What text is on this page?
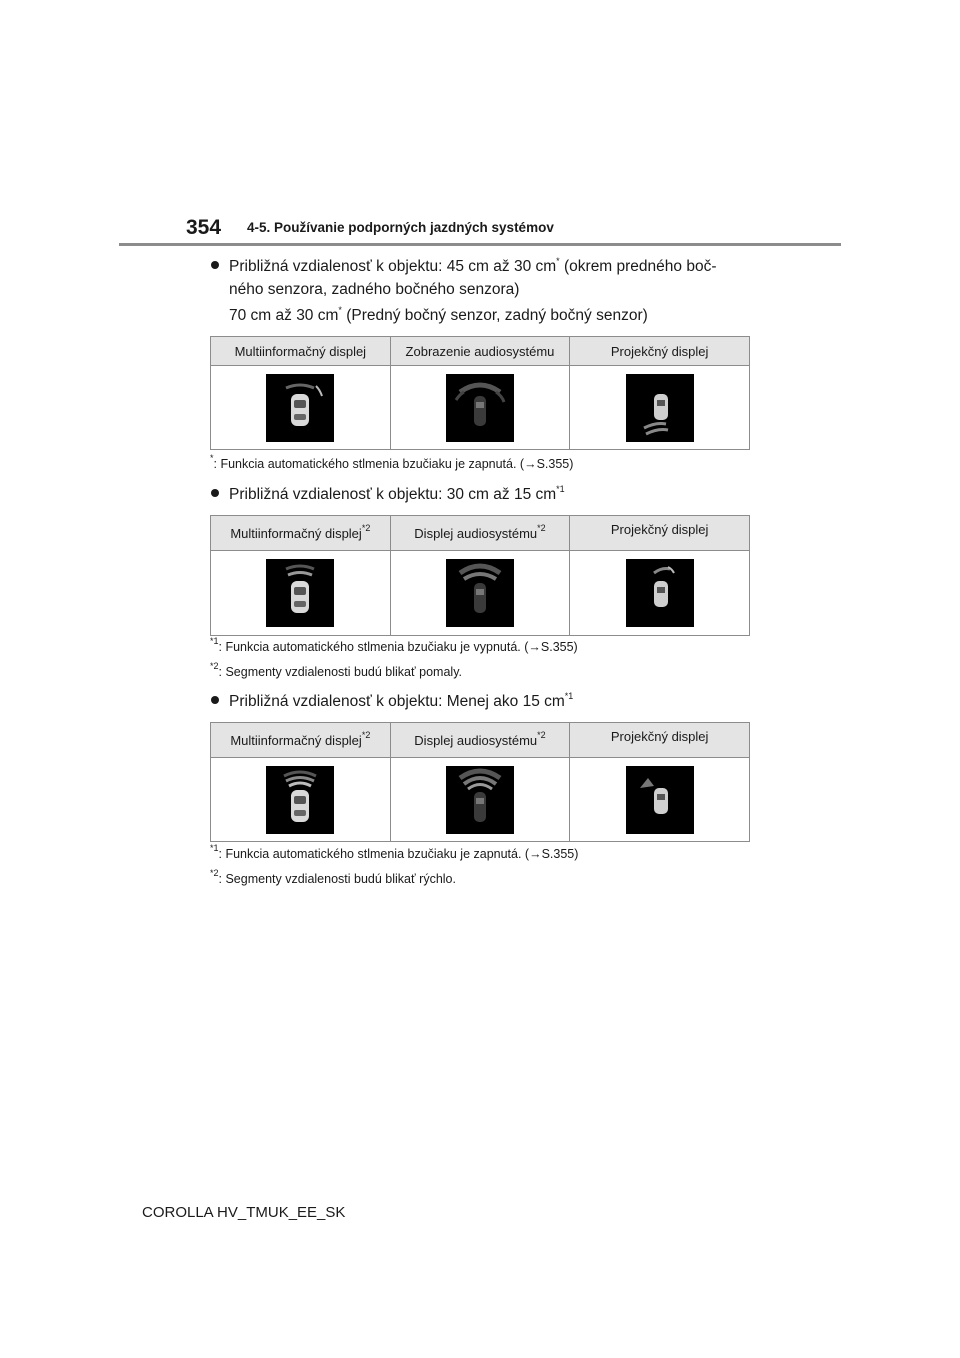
354 4-5. Používanie podporných jazdných systémov
Približná vzdialenosť k objektu: 45 cm až 30 cm* (okrem predného boč-
ného senzora, zadného bočného senzora)
70 cm až 30 cm* (Predný bočný senzor, zadný bočný senzor)
Multiinformačný displej	Zobrazenie audiosystému	Projekčný displej

*: Funkcia automatického stlmenia bzučiaku je zapnutá. (→S.355)
Približná vzdialenosť k objektu: 30 cm až 15 $cm^{*1}$
Multiinformačný displej$^{*2}$	Displej audiosystému$^{*2}$	Projekčný displej

$^{*1}$: Funkcia automatického stlmenia bzučiaku je vypnutá. (→S.355)
$^{*2}$: Segmenty vzdialenosti budú blikať pomaly.
Približná vzdialenosť k objektu: Menej ako 15 $cm^{*1}$
Multiinformačný displej$^{*2}$	Displej audiosystému$^{*2}$	Projekčný displej

$^{*1}$: Funkcia automatického stlmenia bzučiaku je zapnutá. (→S.355)
$^{*2}$: Segmenty vzdialenosti budú blikať rýchlo.
COROLLA HV_TMUK_EE_SK
